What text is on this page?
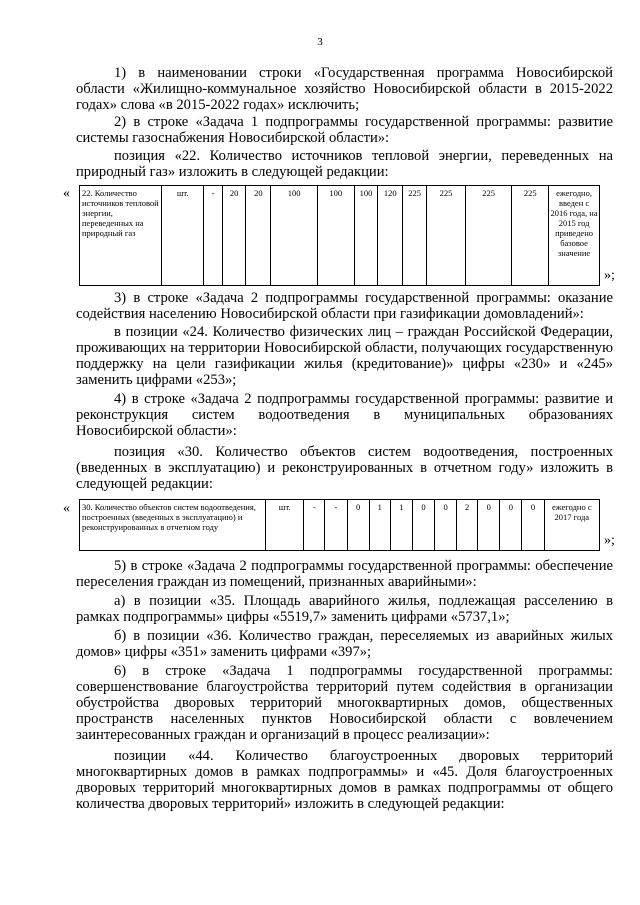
3

1) в наименовании строки «Государственная программа Новосибирской области «Жилищно-коммунальное хозяйство Новосибирской области в 2015-2022 годах» слова «в 2015-2022 годах» исключить;

2) в строке «Задача 1 подпрограммы государственной программы: развитие системы газоснабжения Новосибирской области»:

позиция «22. Количество источников тепловой энергии, переведенных на природный газ» изложить в следующей редакции:

« 22. Количество источников тепловой энергии, переведенных на природный газ	шт.	-	20	20	100	100	100	120	225	225	225	225	ежегодно, введен с 2016 года, на 2015 год приведено базовое значение
»;

3) в строке «Задача 2 подпрограммы государственной программы: оказание содействия населению Новосибирской области при газификации домовладений»:

в позиции «24. Количество физических лиц – граждан Российской Федерации, проживающих на территории Новосибирской области, получающих государственную поддержку на цели газификации жилья (кредитование)» цифры «230» и «245» заменить цифрами «253»;

4) в строке «Задача 2 подпрограммы государственной программы: развитие и реконструкция систем водоотведения в муниципальных образованиях Новосибирской области»:

позиция «30. Количество объектов систем водоотведения, построенных (введенных в эксплуатацию) и реконструированных в отчетном году» изложить в следующей редакции:

« 30. Количество объектов систем водоотведения, построенных (введенных в эксплуатацию) и реконструированных в отчетном году	шт.	-	-	0	1	1	0	0	2	0	0	0	ежегодно с 2017 года
»;

5) в строке «Задача 2 подпрограммы государственной программы: обеспечение переселения граждан из помещений, признанных аварийными»:

а) в позиции «35. Площадь аварийного жилья, подлежащая расселению в рамках подпрограммы» цифры «5519,7» заменить цифрами «5737,1»;

б) в позиции «36. Количество граждан, переселяемых из аварийных жилых домов» цифры «351» заменить цифрами «397»;

6) в строке «Задача 1 подпрограммы государственной программы: совершенствование благоустройства территорий путем содействия в организации обустройства дворовых территорий многоквартирных домов, общественных пространств населенных пунктов Новосибирской области с вовлечением заинтересованных граждан и организаций в процесс реализации»:

позиции «44. Количество благоустроенных дворовых территорий многоквартирных домов в рамках подпрограммы» и «45. Доля благоустроенных дворовых территорий многоквартирных домов в рамках подпрограммы от общего количества дворовых территорий» изложить в следующей редакции:
